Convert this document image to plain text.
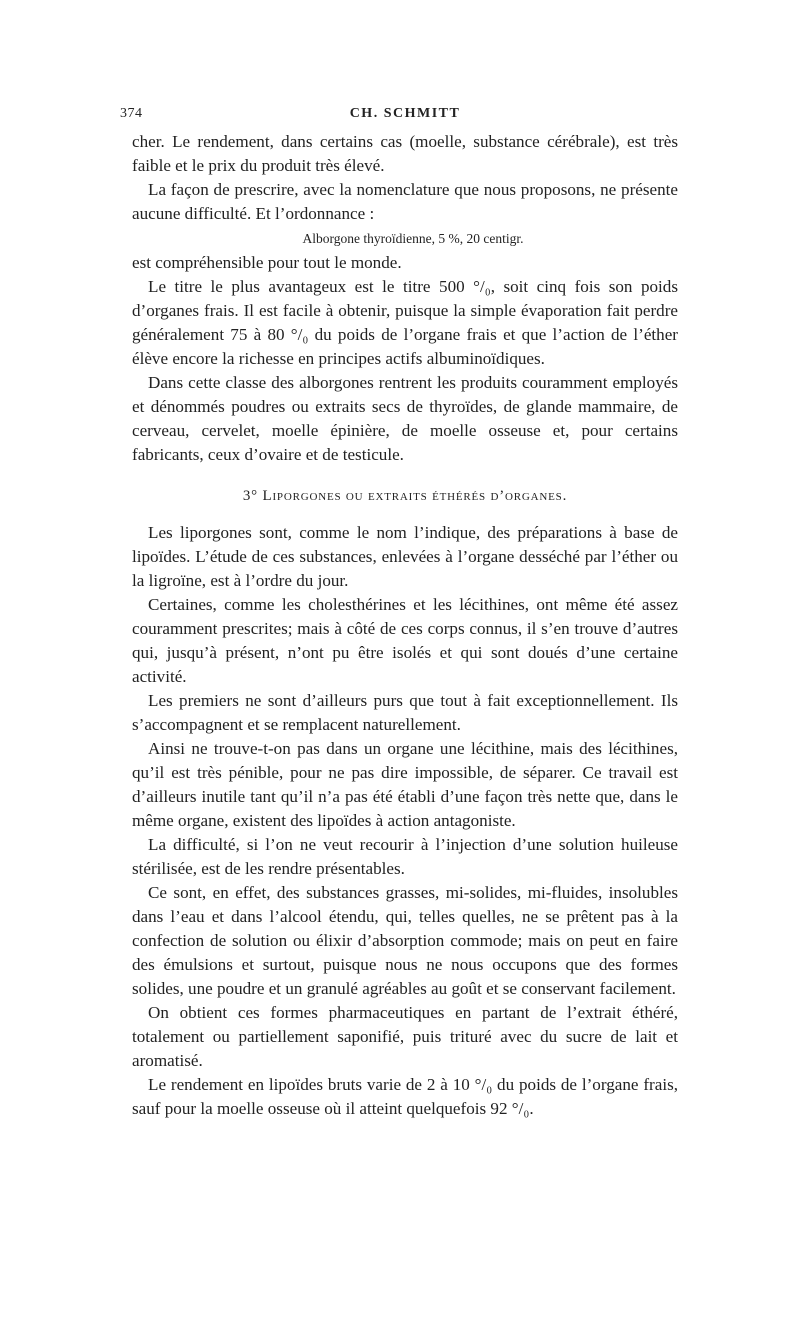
374	CH. SCHMITT

cher. Le rendement, dans certains cas (moelle, substance cérébrale), est très faible et le prix du produit très élevé.

La façon de prescrire, avec la nomenclature que nous proposons, ne présente aucune difficulté. Et l’ordonnance :

Alborgone thyroïdienne, 5 %, 20 centigr.

est compréhensible pour tout le monde.

Le titre le plus avantageux est le titre 500 °/₀, soit cinq fois son poids d’organes frais. Il est facile à obtenir, puisque la simple évaporation fait perdre généralement 75 à 80 °/₀ du poids de l’organe frais et que l’action de l’éther élève encore la richesse en principes actifs albuminoïdiques.

Dans cette classe des alborgones rentrent les produits couramment employés et dénommés poudres ou extraits secs de thyroïdes, de glande mammaire, de cerveau, cervelet, moelle épinière, de moelle osseuse et, pour certains fabricants, ceux d’ovaire et de testicule.

3° Liporgones ou extraits éthérés d’organes.

Les liporgones sont, comme le nom l’indique, des préparations à base de lipoïdes. L’étude de ces substances, enlevées à l’organe desséché par l’éther ou la ligroïne, est à l’ordre du jour.

Certaines, comme les cholesthérines et les lécithines, ont même été assez couramment prescrites; mais à côté de ces corps connus, il s’en trouve d’autres qui, jusqu’à présent, n’ont pu être isolés et qui sont doués d’une certaine activité.

Les premiers ne sont d’ailleurs purs que tout à fait exceptionnellement. Ils s’accompagnent et se remplacent naturellement.

Ainsi ne trouve-t-on pas dans un organe une lécithine, mais des lécithines, qu’il est très pénible, pour ne pas dire impossible, de séparer. Ce travail est d’ailleurs inutile tant qu’il n’a pas été établi d’une façon très nette que, dans le même organe, existent des lipoïdes à action antagoniste.

La difficulté, si l’on ne veut recourir à l’injection d’une solution huileuse stérilisée, est de les rendre présentables.

Ce sont, en effet, des substances grasses, mi-solides, mi-fluides, insolubles dans l’eau et dans l’alcool étendu, qui, telles quelles, ne se prêtent pas à la confection de solution ou élixir d’absorption commode; mais on peut en faire des émulsions et surtout, puisque nous ne nous occupons que des formes solides, une poudre et un granulé agréables au goût et se conservant facilement.

On obtient ces formes pharmaceutiques en partant de l’extrait éthéré, totalement ou partiellement saponifié, puis trituré avec du sucre de lait et aromatisé.

Le rendement en lipoïdes bruts varie de 2 à 10 °/₀ du poids de l’organe frais, sauf pour la moelle osseuse où il atteint quelquefois 92 °/₀.
